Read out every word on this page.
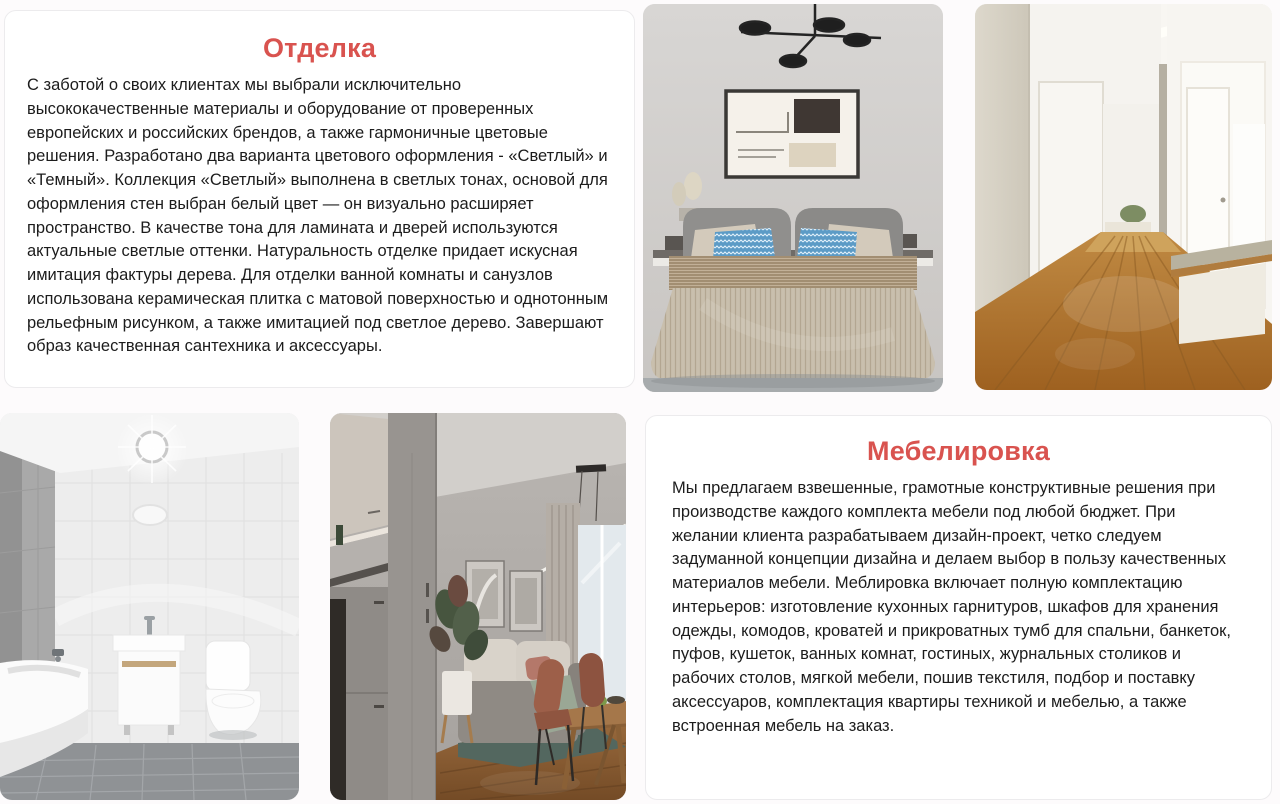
Отделка

С заботой о своих клиентах мы выбрали исключительно высококачественные материалы и оборудование от проверенных европейских и российских брендов, а также гармоничные цветовые решения. Разработано два варианта цветового оформления - «Светлый» и «Темный». Коллекция «Светлый» выполнена в светлых тонах, основой для оформления стен выбран белый цвет — он визуально расширяет пространство. В качестве тона для ламината и дверей используются актуальные светлые оттенки. Натуральность отделке придает искусная имитация фактуры дерева. Для отделки ванной комнаты и санузлов использована керамическая плитка с матовой поверхностью и однотонным рельефным рисунком, а также имитацией под светлое дерево. Завершают образ качественная сантехника и аксессуары.

Мебелировка

Мы предлагаем взвешенные, грамотные конструктивные решения при производстве каждого комплекта мебели под любой бюджет. При желании клиента разрабатываем дизайн-проект, четко следуем задуманной концепции дизайна и делаем выбор в пользу качественных материалов мебели. Меблировка включает полную комплектацию интерьеров: изготовление кухонных гарнитуров, шкафов для хранения одежды, комодов, кроватей и прикроватных тумб для спальни, банкеток, пуфов, кушеток, ванных комнат, гостиных, журнальных столиков и рабочих столов, мягкой мебели, пошив текстиля, подбор и поставку аксессуаров, комплектация квартиры техникой и мебелью, а также встроенная мебель на заказ.
